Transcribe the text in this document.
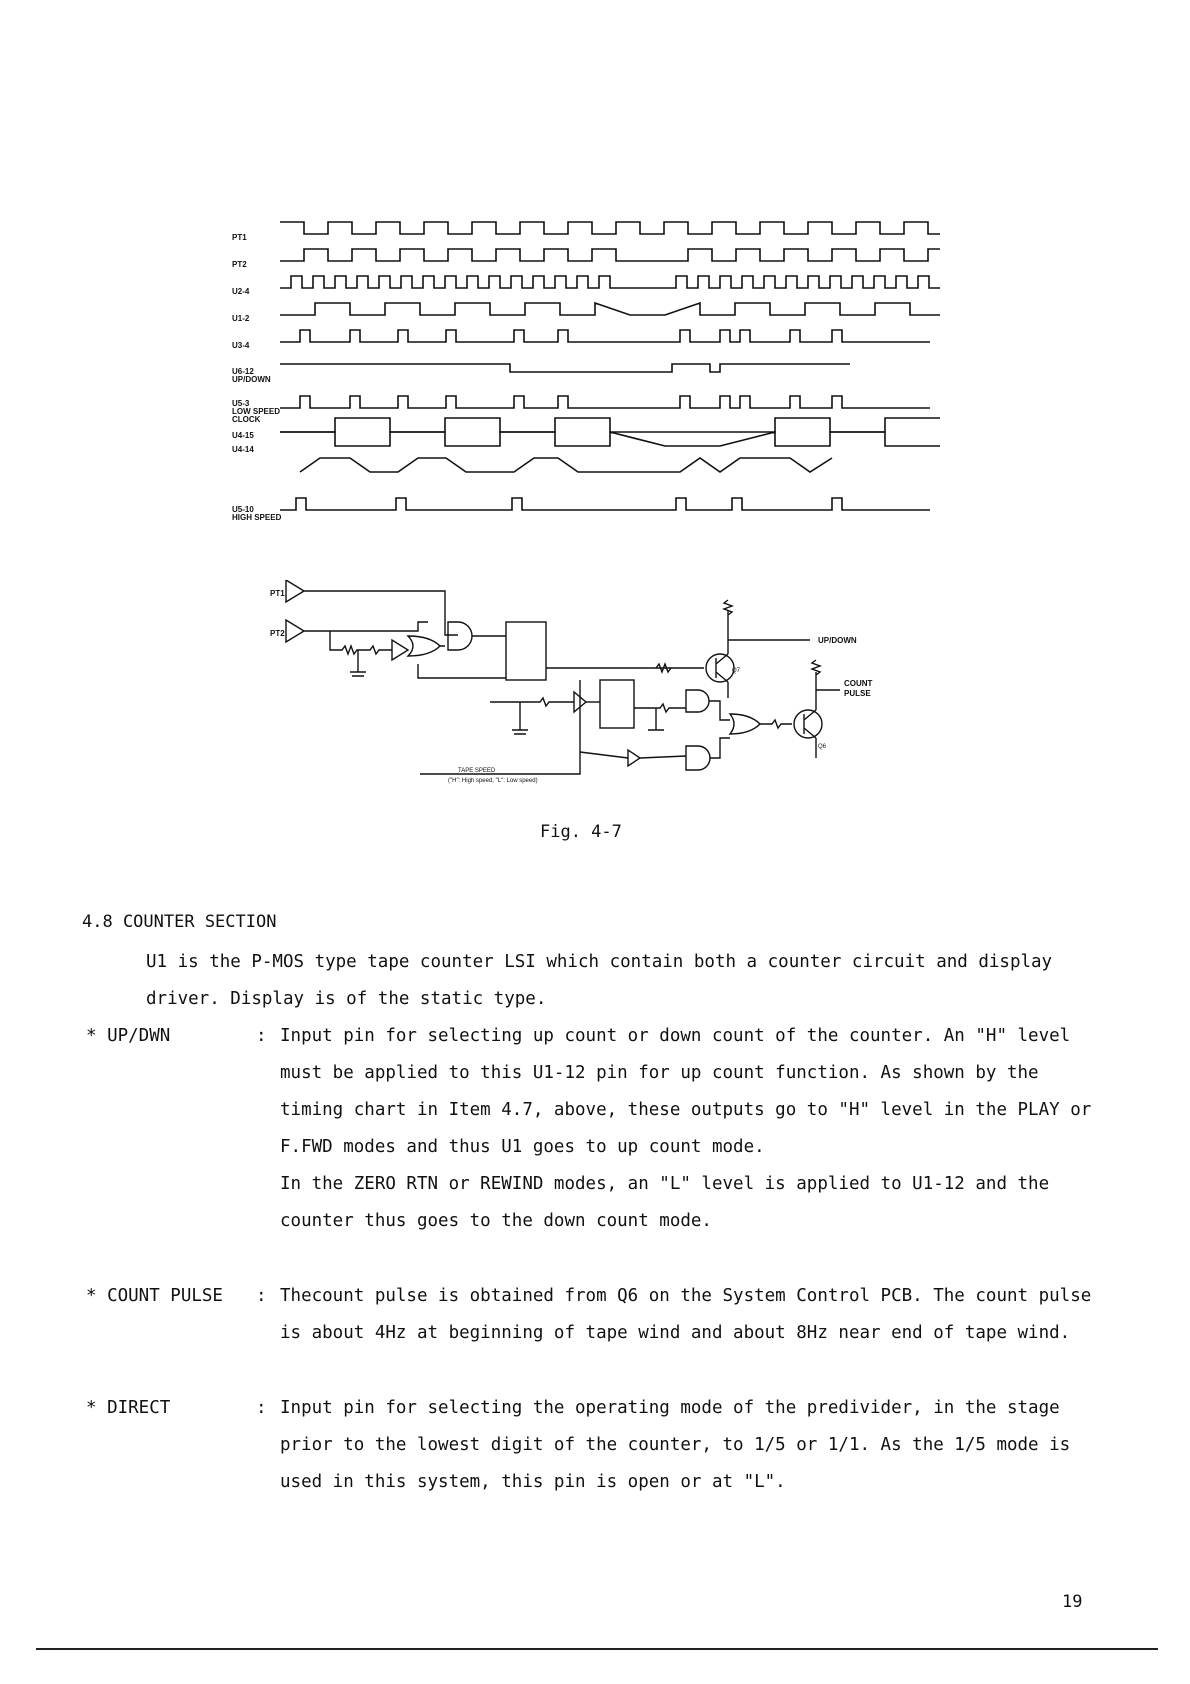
PT1
PT2
U2-4
U1-2
U3-4
U6-12
UP/DOWN
U5-3
LOW SPEED
CLOCK
U4-15
U4-14
U5-10
HIGH SPEED
PT1
PT2
UP/DOWN
COUNT
PULSE
Q7
Q6
TAPE SPEED
("H": High speed, "L": Low speed)
Fig. 4-7
4.8 COUNTER SECTION
U1 is the P-MOS type tape counter LSI which contain both a counter circuit and display driver. Display is of the static type.
* UP/DWN	: Input pin for selecting up count or down count of the counter. An "H" level must be applied to this U1-12 pin for up count function. As shown by the timing chart in Item 4.7, above, these outputs go to "H" level in the PLAY or F.FWD modes and thus U1 goes to up count mode.
In the ZERO RTN or REWIND modes, an "L" level is applied to U1-12 and the counter thus goes to the down count mode.
* COUNT PULSE : Thecount pulse is obtained from Q6 on the System Control PCB. The count pulse is about 4Hz at beginning of tape wind and about 8Hz near end of tape wind.
* DIRECT	: Input pin for selecting the operating mode of the predivider, in the stage prior to the lowest digit of the counter, to 1/5 or 1/1. As the 1/5 mode is used in this system, this pin is open or at "L".
19
